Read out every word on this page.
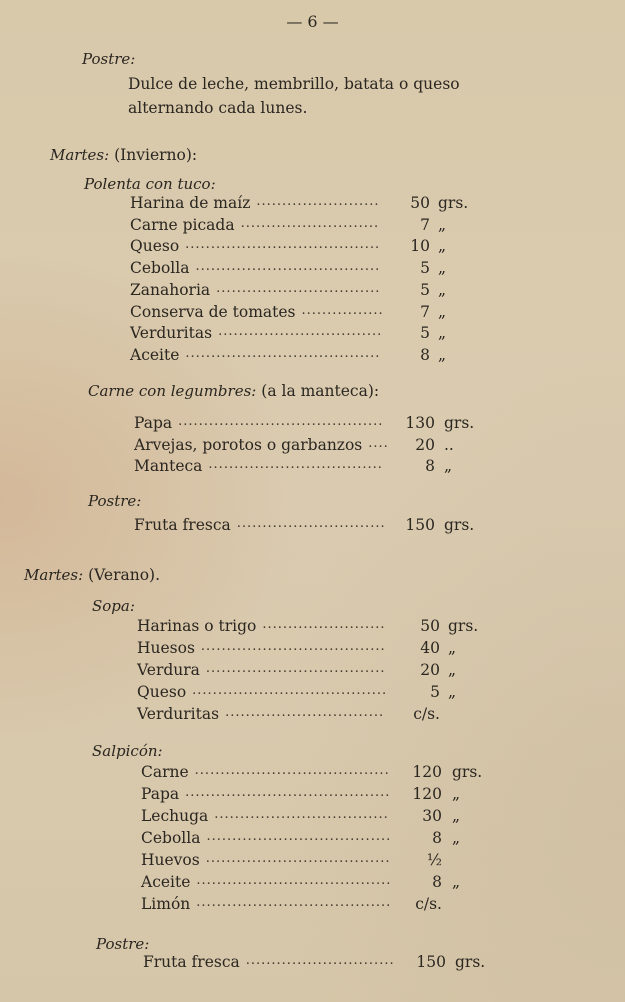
— 6 —
Postre:
Dulce de leche, membrillo, batata o queso
alternando cada lunes.
Martes: (Invierno):
Polenta con tuco:
Harina de maíz ........................	50 grs.
Carne picada ...........................	7 „
Queso ......................................	10 „
Cebolla ....................................	5 „
Zanahoria ................................	5 „
Conserva de tomates ................	7 „
Verduritas ................................	5 „
Aceite ......................................	8 „
Carne con legumbres: (a la manteca):
Papa ........................................	130 grs.
Arvejas, porotos o garbanzos ....	20 ..
Manteca ..................................	8 „
Postre:
Fruta fresca .............................	150 grs.
Martes: (Verano).
Sopa:
Harinas o trigo ........................	50 grs.
Huesos ....................................	40 „
Verdura ...................................	20 „
Queso ......................................	5 „
Verduritas ...............................	c/s.
Salpicón:
Carne ......................................	120 grs.
Papa ........................................	120 „
Lechuga ..................................	30 „
Cebolla ....................................	8 „
Huevos ....................................	½
Aceite ......................................	8 „
Limón ......................................	c/s.
Postre:
Fruta fresca .............................	150 grs.
